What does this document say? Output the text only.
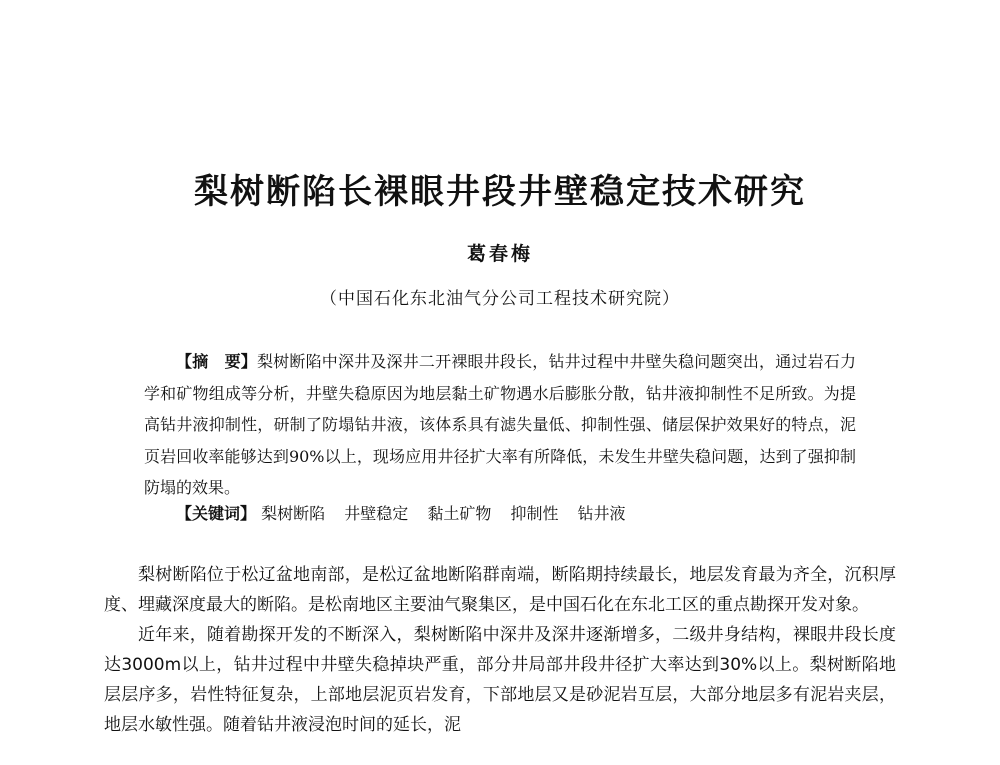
梨树断陷长裸眼井段井壁稳定技术研究
葛春梅
（中国石化东北油气分公司工程技术研究院）
【摘　要】梨树断陷中深井及深井二开裸眼井段长，钻井过程中井壁失稳问题突出，通过岩石力学和矿物组成等分析，井壁失稳原因为地层黏土矿物遇水后膨胀分散，钻井液抑制性不足所致。为提高钻井液抑制性，研制了防塌钻井液，该体系具有滤失量低、抑制性强、储层保护效果好的特点，泥页岩回收率能够达到90%以上，现场应用井径扩大率有所降低，未发生井壁失稳问题，达到了强抑制防塌的效果。
【关键词】 梨树断陷 井壁稳定 黏土矿物 抑制性 钻井液

梨树断陷位于松辽盆地南部，是松辽盆地断陷群南端，断陷期持续最长，地层发育最为齐全，沉积厚度、埋藏深度最大的断陷。是松南地区主要油气聚集区，是中国石化在东北工区的重点勘探开发对象。

近年来，随着勘探开发的不断深入，梨树断陷中深井及深井逐渐增多，二级井身结构，裸眼井段长度达3000m以上，钻井过程中井壁失稳掉块严重，部分井局部井段井径扩大率达到30%以上。梨树断陷地层层序多，岩性特征复杂，上部地层泥页岩发育，下部地层又是砂泥岩互层，大部分地层多有泥岩夹层，地层水敏性强。随着钻井液浸泡时间的延长，泥
